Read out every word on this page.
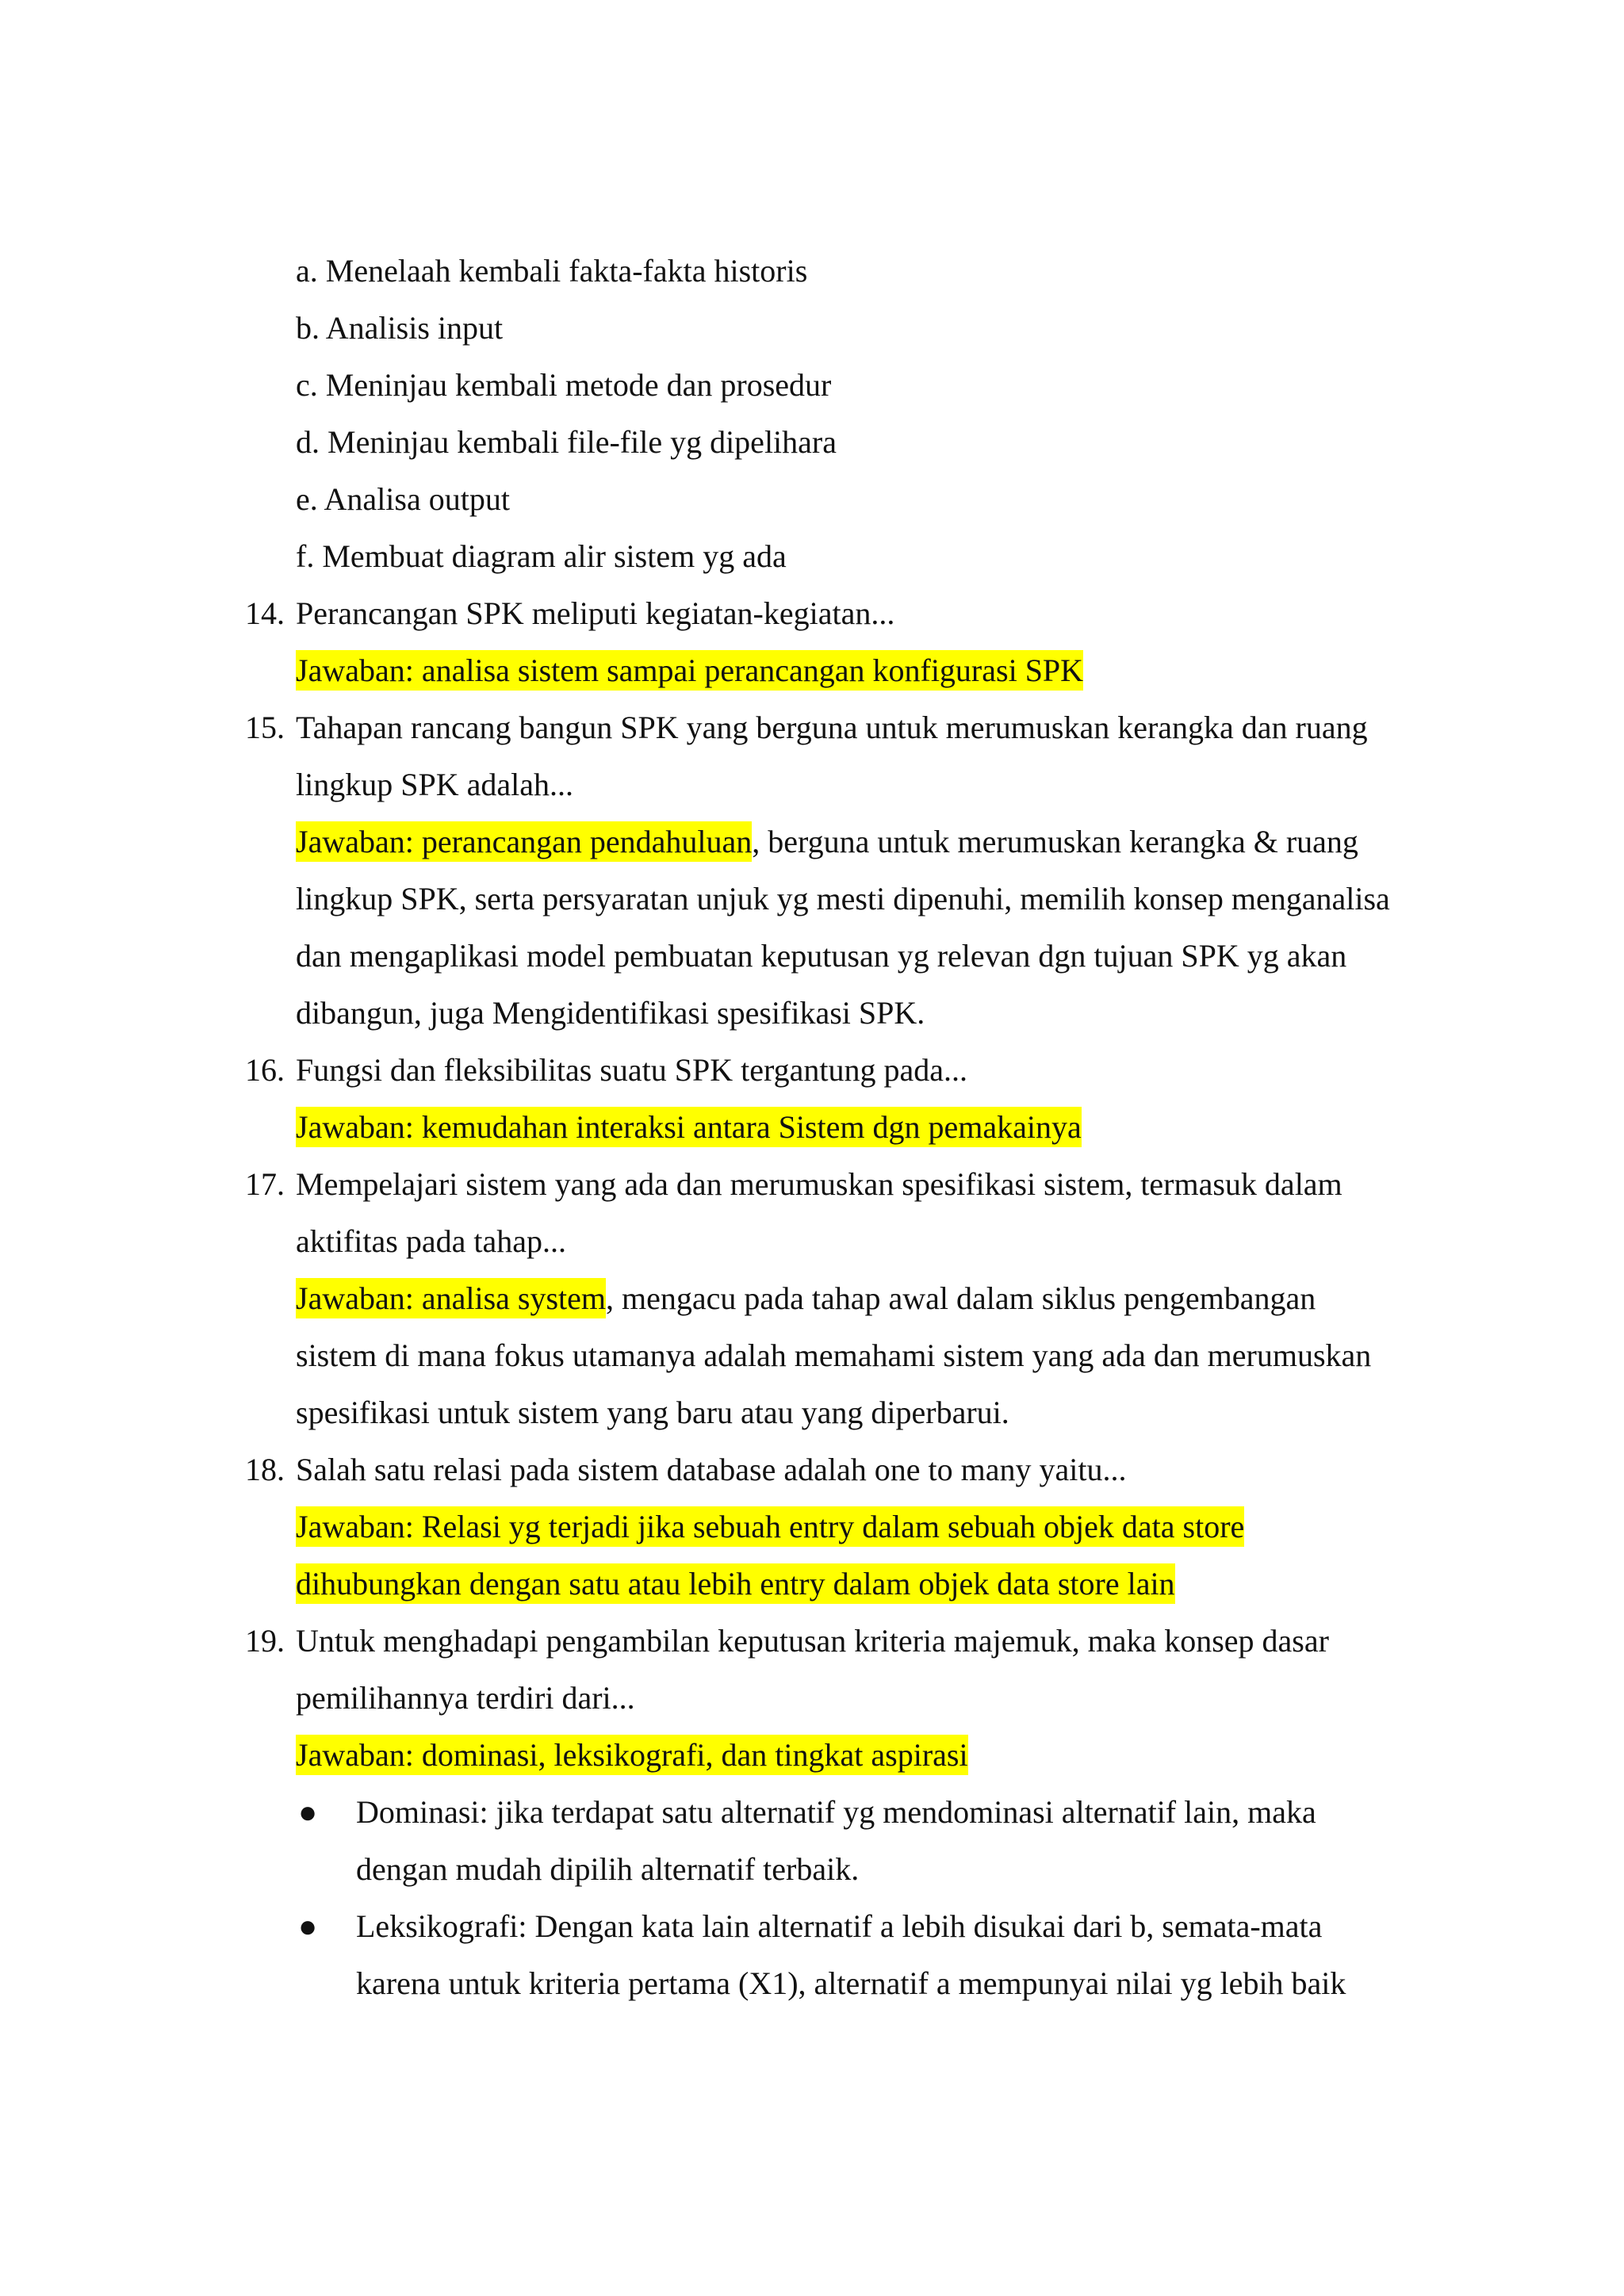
a. Menelaah kembali fakta-fakta historis
b. Analisis input
c. Meninjau kembali metode dan prosedur
d. Meninjau kembali file-file yg dipelihara
e. Analisa output
f. Membuat diagram alir sistem yg ada
14. Perancangan SPK meliputi kegiatan-kegiatan...
Jawaban: analisa sistem sampai perancangan konfigurasi SPK
15. Tahapan rancang bangun SPK yang berguna untuk merumuskan kerangka dan ruang
lingkup SPK adalah...
Jawaban: perancangan pendahuluan, berguna untuk merumuskan kerangka & ruang
lingkup SPK, serta persyaratan unjuk yg mesti dipenuhi, memilih konsep menganalisa
dan mengaplikasi model pembuatan keputusan yg relevan dgn tujuan SPK yg akan
dibangun, juga Mengidentifikasi spesifikasi SPK.
16. Fungsi dan fleksibilitas suatu SPK tergantung pada...
Jawaban: kemudahan interaksi antara Sistem dgn pemakainya
17. Mempelajari sistem yang ada dan merumuskan spesifikasi sistem, termasuk dalam
aktifitas pada tahap...
Jawaban: analisa system, mengacu pada tahap awal dalam siklus pengembangan
sistem di mana fokus utamanya adalah memahami sistem yang ada dan merumuskan
spesifikasi untuk sistem yang baru atau yang diperbarui.
18. Salah satu relasi pada sistem database adalah one to many yaitu...
Jawaban: Relasi yg terjadi jika sebuah entry dalam sebuah objek data store
dihubungkan dengan satu atau lebih entry dalam objek data store lain
19. Untuk menghadapi pengambilan keputusan kriteria majemuk, maka konsep dasar
pemilihannya terdiri dari...
Jawaban: dominasi, leksikografi, dan tingkat aspirasi
● Dominasi: jika terdapat satu alternatif yg mendominasi alternatif lain, maka
dengan mudah dipilih alternatif terbaik.
● Leksikografi: Dengan kata lain alternatif a lebih disukai dari b, semata-mata
karena untuk kriteria pertama (X1), alternatif a mempunyai nilai yg lebih baik
